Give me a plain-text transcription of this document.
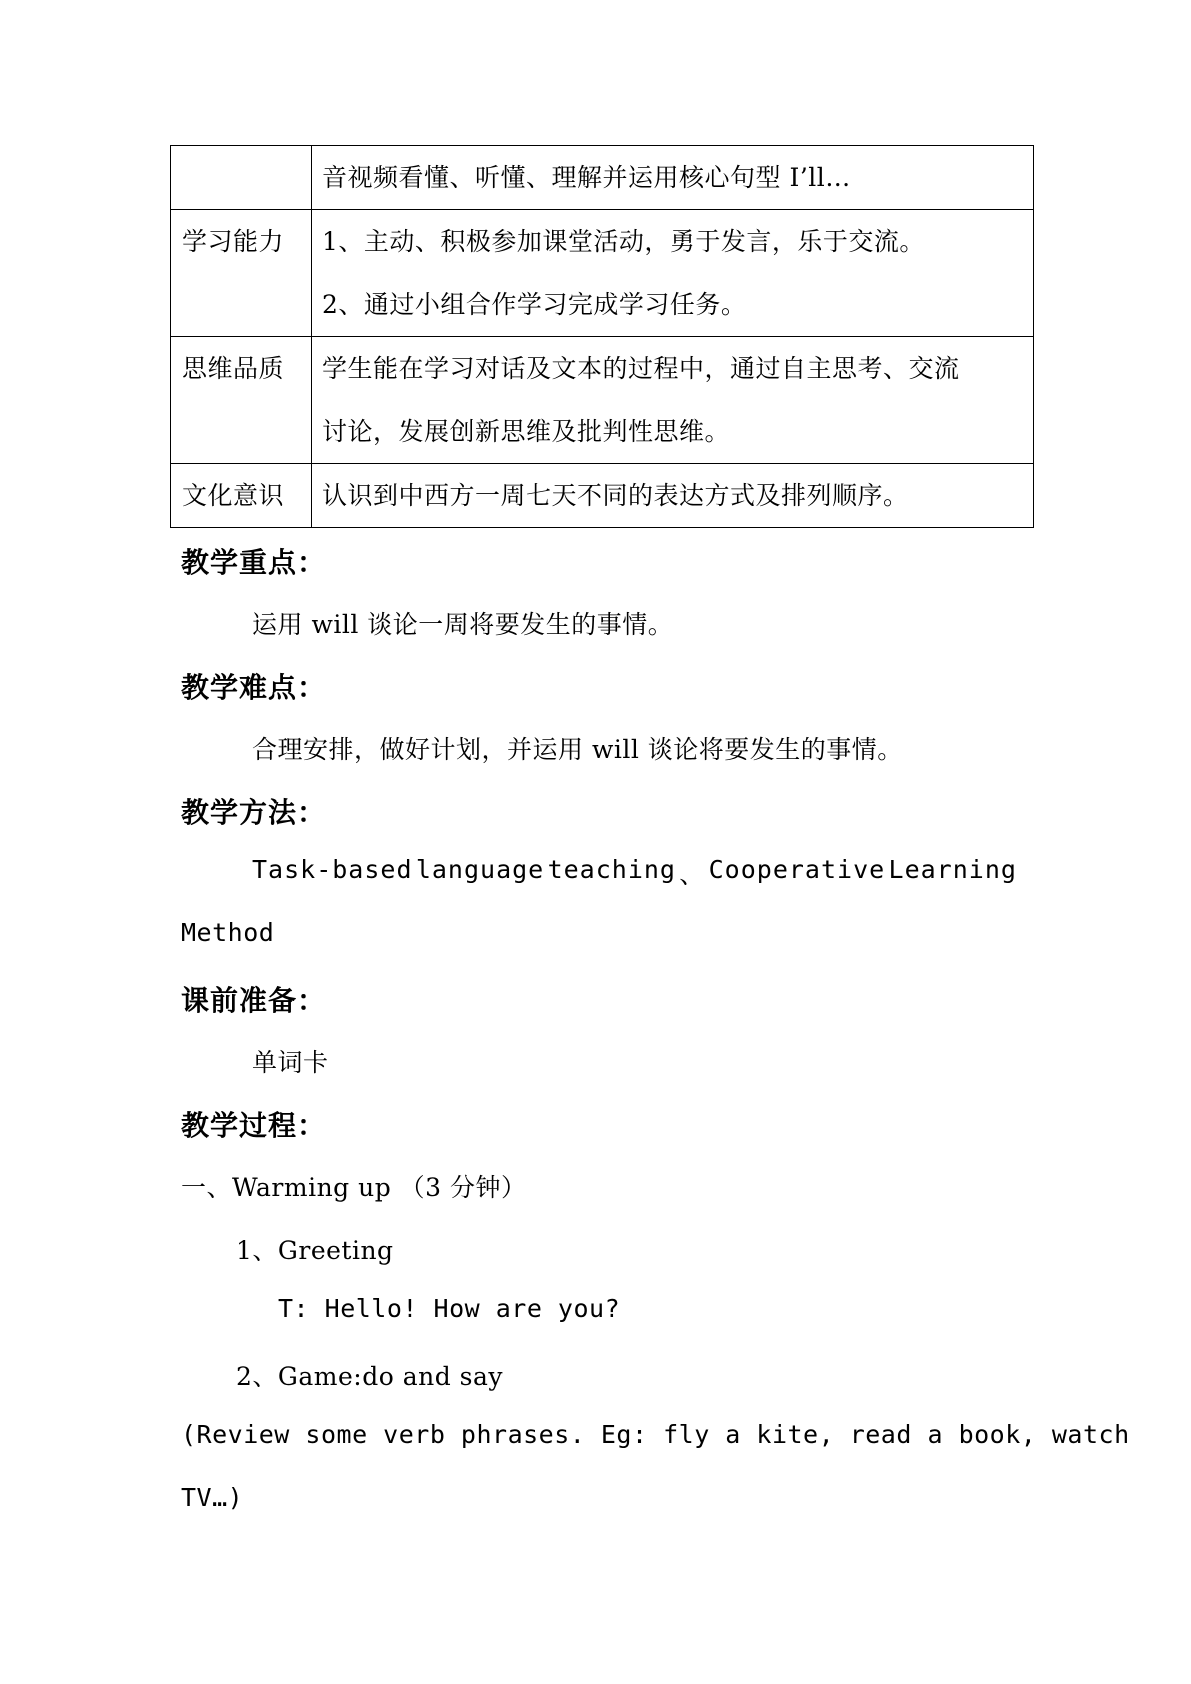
	音视频看懂、听懂、理解并运用核心句型 I’ll…

学习能力	1、主动、积极参加课堂活动，勇于发言，乐于交流。
2、通过小组合作学习完成学习任务。

思维品质	学生能在学习对话及文本的过程中，通过自主思考、交流
讨论，发展创新思维及批判性思维。

文化意识	认识到中西方一周七天不同的表达方式及排列顺序。
教学重点：
运用 will 谈论一周将要发生的事情。
教学难点：
合理安排，做好计划，并运用 will 谈论将要发生的事情。
教学方法：
Task-based language teaching 、 Cooperative Learning
Method
课前准备：
单词卡
教学过程：
一、Warming up （3 分钟）
1、Greeting
T: Hello! How are you?
2、Game:do and say
(Review some verb phrases. Eg: fly a kite, read a book, watch
TV…)
